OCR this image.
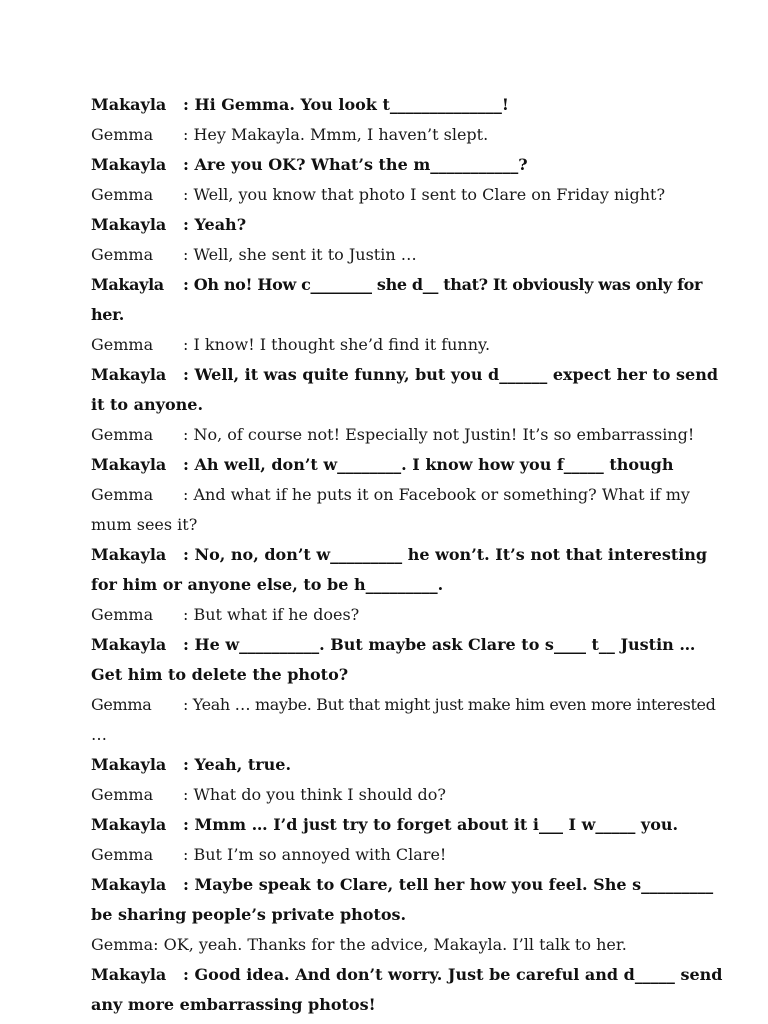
Makayla : Hi Gemma. You look t______________!

Gemma : Hey Makayla. Mmm, I haven’t slept.

Makayla : Are you OK? What’s the m___________?

Gemma : Well, you know that photo I sent to Clare on Friday night?

Makayla : Yeah?

Gemma : Well, she sent it to Justin …

Makayla : Oh no! How c________ she d__ that? It obviously was only for her.

Gemma : I know! I thought she’d find it funny.

Makayla : Well, it was quite funny, but you d______ expect her to send it to anyone.

Gemma : No, of course not! Especially not Justin! It’s so embarrassing!

Makayla : Ah well, don’t w________. I know how you f_____ though

Gemma : And what if he puts it on Facebook or something? What if my mum sees it?

Makayla : No, no, don’t w_________ he won’t. It’s not that interesting for him or anyone else, to be h_________.

Gemma : But what if he does?

Makayla : He w__________. But maybe ask Clare to s____ t__ Justin … Get him to delete the photo?

Gemma : Yeah … maybe. But that might just make him even more interested …

Makayla : Yeah, true.

Gemma : What do you think I should do?

Makayla : Mmm … I’d just try to forget about it i___ I w_____ you.

Gemma : But I’m so annoyed with Clare!

Makayla : Maybe speak to Clare, tell her how you feel. She s_________ be sharing people’s private photos.

Gemma: OK, yeah. Thanks for the advice, Makayla. I’ll talk to her.

Makayla : Good idea. And don’t worry. Just be careful and d_____ send any more embarrassing photos!
